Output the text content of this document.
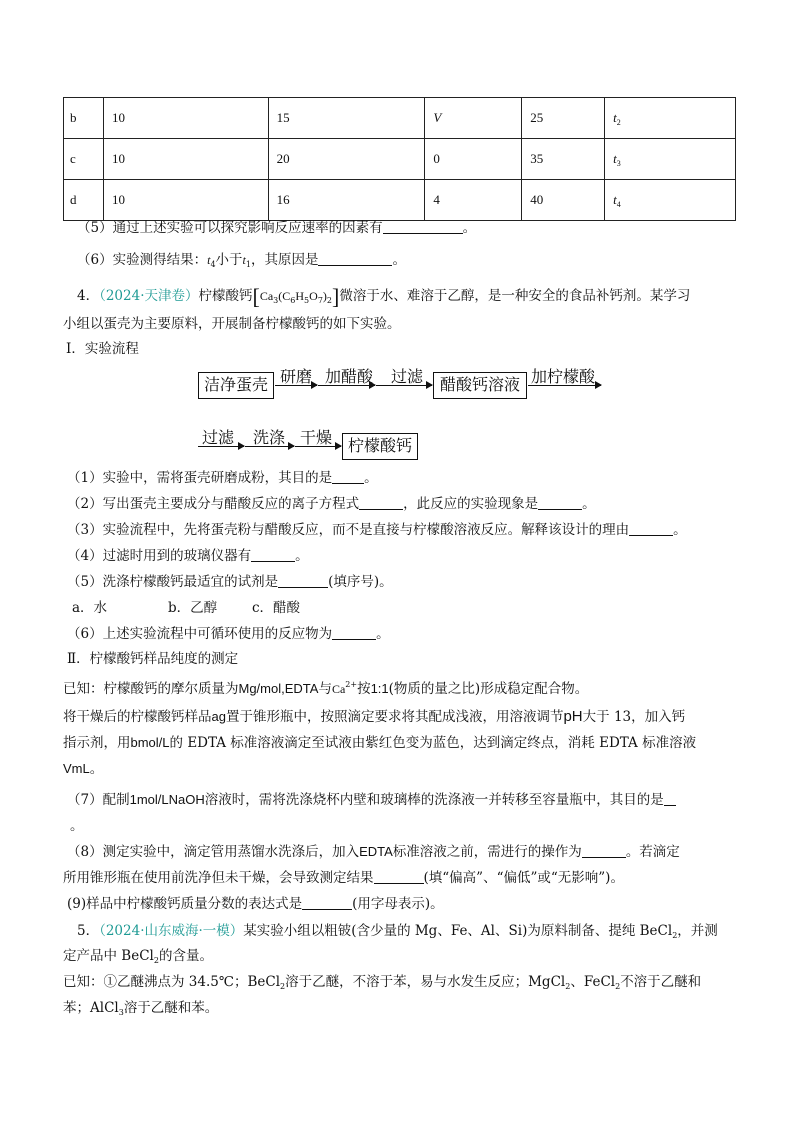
b	10	15	V	25	$t_2$
c	10	20	0	35	$t_3$
d	10	16	4	40	$t_4$
（5）通过上述实验可以探究影响反应速率的因素有	。
（6）实验测得结果：$t_4$小于$t_1$，其原因是	。
4．（2024·天津卷）柠檬酸钙$[Ca_3(C_6H_5O_7)_2]$微溶于水、难溶于乙醇，是一种安全的食品补钙剂。某学习
小组以蛋壳为主要原料，开展制备柠檬酸钙的如下实验。
Ⅰ．实验流程
洁净蛋壳 研磨 加醋酸 过滤	醋酸钙溶液 加柠檬酸
过滤 洗涤 干燥 柠檬酸钙
（1）实验中，需将蛋壳研磨成粉，其目的是 。
（2）写出蛋壳主要成分与醋酸反应的离子方程式	，此反应的实验现象是	。
（3）实验流程中，先将蛋壳粉与醋酸反应，而不是直接与柠檬酸溶液反应。解释该设计的理由	。
（4）过滤时用到的玻璃仪器有	。
（5）洗涤柠檬酸钙最适宜的试剂是	(填序号)。
a．水	b．乙醇	c．醋酸
（6）上述实验流程中可循环使用的反应物为	。
Ⅱ．柠檬酸钙样品纯度的测定
已知：柠檬酸钙的摩尔质量为Mg/mol,EDTA与$Ca^{2+}$按1:1(物质的量之比)形成稳定配合物。
将干燥后的柠檬酸钙样品ag置于锥形瓶中，按照滴定要求将其配成浅液，用溶液调节pH大于 13，加入钙
指示剂，用bmol/L的 EDTA 标准溶液滴定至试液由紫红色变为蓝色，达到滴定终点，消耗 EDTA 标准溶液
VmL。
（7）配制1mol/LNaOH溶液时，需将洗涤烧杯内壁和玻璃棒的洗涤液一并转移至容量瓶中，其目的是
。
（8）测定实验中，滴定管用蒸馏水洗涤后，加入EDTA标准溶液之前，需进行的操作为	。若滴定
所用锥形瓶在使用前洗净但未干燥，会导致测定结果	(填“偏高”、“偏低”或“无影响”)。
(9)样品中柠檬酸钙质量分数的表达式是	(用字母表示)。
5．（2024·山东威海·一模）某实验小组以粗铍(含少量的 Mg、Fe、Al、Si)为原料制备、提纯 BeCl$_2$，并测
定产品中 BeCl$_2$的含量。
已知：①乙醚沸点为 34.5℃；BeCl$_2$溶于乙醚，不溶于苯，易与水发生反应；MgCl$_2$、FeCl$_2$不溶于乙醚和
苯；AlCl$_3$溶于乙醚和苯。
